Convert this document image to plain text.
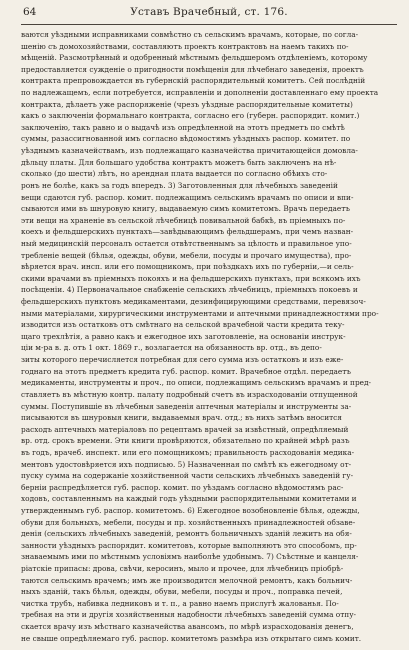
64	Уставъ Врачебный, ст. 176.
ваются уѣздными исправниками совмѣстно съ сельскимъ врачамъ, которые, по согла-
шенію съ домохозяйствами, составляютъ проектъ контрактовъ на наемъ такихъ по-
мѣщеній. Разсмотрѣнный и одобренный мѣстнымъ фельдшеромъ отдѣленіемъ, которому
предоставляется сужденіе о пригодности помѣщенія для лѣчебнаго заведенія, проектъ
контракта препровождается въ губернскій распорядительный комитетъ. Сей послѣдній
по надлежащемъ, если потребуется, исправленіи и дополненіи доставленнаго ему проекта
контракта, дѣлаетъ уже распоряженіе (чрезъ уѣздные распорядительные комитеты)
какъ о заключеніи формальнаго контракта, согласно его (губерн. распорядит. комит.)
заключенію, такъ равно и о выдачѣ изъ опредѣленной на этотъ предметъ по смѣтѣ
суммы, разассигнованной имъ согласно вѣдомостямъ уѣздныхъ распор. комитет. по
уѣзднымъ казначействамъ, изъ подлежащаго казначейства причитающейся домовла-
дѣльцу платы. Для большаго удобства контрактъ можетъ быть заключенъ на нѣ-
сколько (до шести) лѣтъ, но арендная плата выдается по согласно обѣихъ сто-
ронъ не болѣе, какъ за годъ впередъ. 3) Заготовленныя для лѣчебныхъ заведеній
вещи сдаются губ. распор. комит. подлежащимъ сельскимъ врачамъ по описи и впи-
сываются ими въ шнуровую книгу, выдаваемую симъ комитетомъ. Врачъ передаетъ
эти вещи на храненіе въ сельской лѣчебницѣ повивальной бабкѣ, въ пріемныхъ по-
коехъ и фельдшерскихъ пунктахъ—завѣдывающимъ фельдшерамъ, при чемъ назван-
ный медицинскій персоналъ остается отвѣтственнымъ за цѣлость и правильное упо-
требленіе вещей (бѣлья, одежды, обуви, мебели, посуды и прочаго имущества), про-
вѣряется врач. инсп. или его помощникомъ, при поѣздкахъ ихъ по губерніи,—и сель-
скими врачами въ пріемныхъ покояхъ и на фельдшерскихъ пунктахъ, при всякомъ ихъ
посѣщеніи. 4) Первоначальное снабженіе сельскихъ лѣчебницъ, пріемныхъ покоевъ и
фельдшерскихъ пунктовъ медикаментами, дезинфицирующими средствами, перевязоч-
ными матеріалами, хирургическими инструментами и аптечными принадлежностями про-
изводится изъ остатковъ отъ смѣтнаго на сельской врачебной части кредита теку-
щаго трехлѣтія, а равно какъ и ежегодное ихъ заготовленіе, на основаніи инструк-
ціи м-ра в. д. отъ 1 окт. 1869 г., возлагается на обязанность вр. отд., въ депо-
зиты которого перечисляется потребная для сего сумма изъ остатковъ и изъ еже-
годнаго на этотъ предметъ кредита губ. распор. комит. Врачебное отдѣл. передаетъ
медикаменты, инструменты и проч., по описи, подлежащимъ сельскимъ врачамъ и пред-
ставляетъ въ мѣстную контр. палату подробный счетъ въ израсходованіи отпущенной
суммы. Поступившіе въ лѣчебныя заведенія аптечныя матеріалы и инструменты за-
писываются въ шнуровыя книги, выдаваемыя врач. отд.; въ нихъ затѣмъ вносится
расходъ аптечныхъ матеріаловъ по рецептамъ врачей за извѣстный, опредѣляемый
вр. отд. срокъ времени. Эти книги провѣряются, обязательно по крайней мѣрѣ разъ
въ годъ, врачеб. инспект. или его помощникомъ; правильность расходованія медика-
ментовъ удостовѣряется ихъ подписью. 5) Назначенная по смѣтѣ къ ежегодному от-
пуску сумма на содержаніе хозяйственной части сельскихъ лѣчебныхъ заведеній гу-
берніи распредѣляется губ. распор. комит. по уѣздамъ согласно вѣдомостямъ рас-
ходовъ, составленнымъ на каждый годъ уѣздными распорядительными комитетами и
утвержденнымъ губ. распор. комитетомъ. 6) Ежегодное возобновленіе бѣлья, одежды,
обуви для больныхъ, мебели, посуды и пр. хозяйственныхъ принадлежностей обзаве-
денія (сельскихъ лѣчебныхъ заведеній, ремонтъ больничныхъ зданій лежитъ на обя-
занности уѣздныхъ распорядит. комитетовъ, которые выполняютъ это способомъ, пр-
знаваемымъ ими по мѣстнымъ условіямъ наиболѣе удобнымъ. 7) Съѣстные и канцеля-
ріатскіе припасы: дрова, свѣчи, керосинъ, мыло и прочее, для лѣчебницъ пріобрѣ-
таются сельскимъ врачемъ; имъ же производится мелочной ремонтъ, какъ больнич-
ныхъ зданій, такъ бѣлья, одежды, обуви, мебели, посуды и проч., поправка печей,
чистка трубъ, набивка ледниковъ и т. п., а равно наемъ прислугѣ жалованья. По-
требная на эти и другія хозяйственныя надобности лѣчебныхъ заведеній сумма отпу-
скается врачу изъ мѣстнаго казначейства авансомъ, по мѣрѣ израсходованія денегъ,
не свыше опредѣляемаго губ. распор. комитетомъ размѣра изъ открытаго симъ комит.
